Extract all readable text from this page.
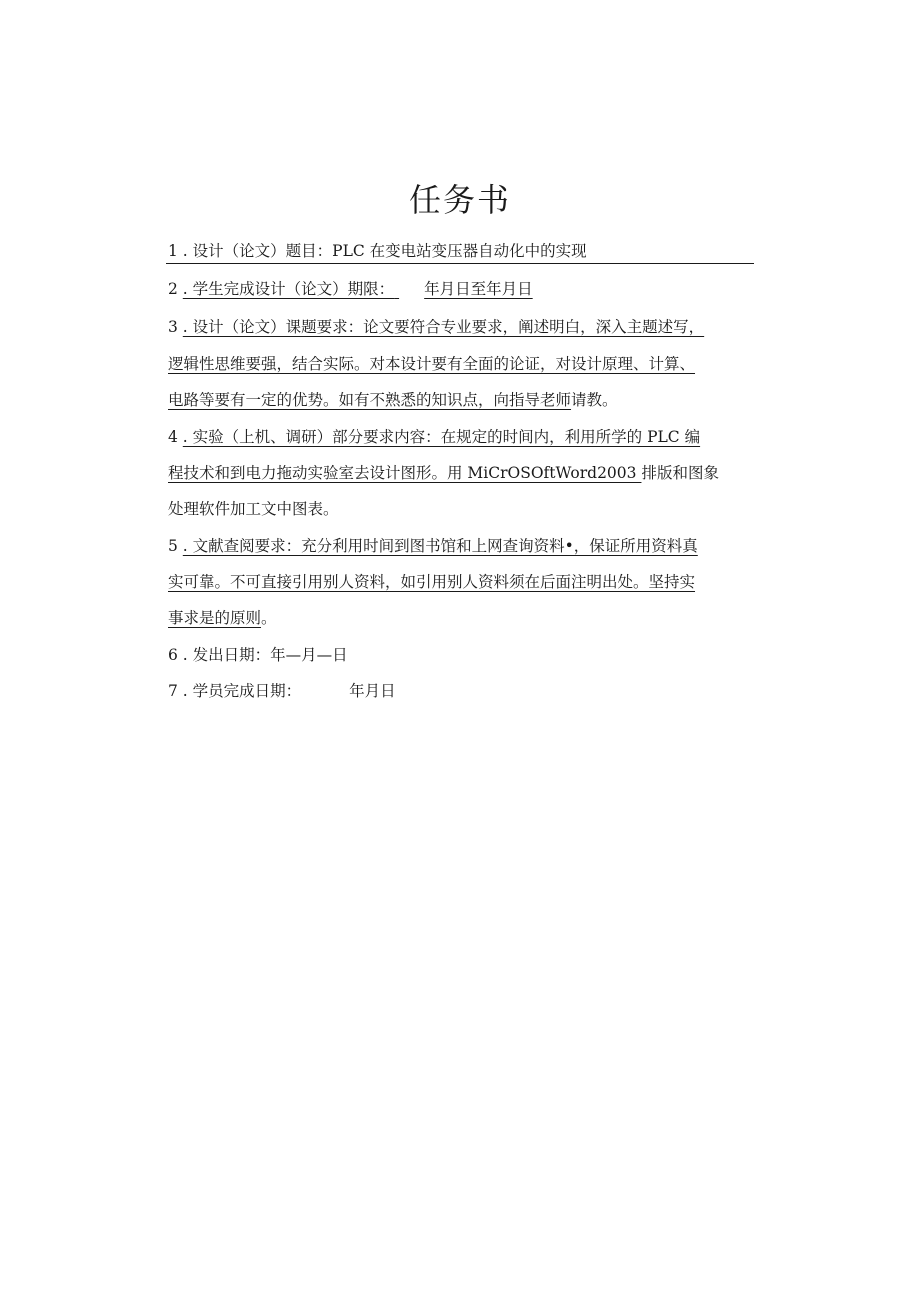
任务书
1 . 设计（论文）题目：PLC 在变电站变压器自动化中的实现
2 . 学生完成设计（论文）期限： 年月日至年月日
3 . 设计（论文）课题要求：论文要符合专业要求，阐述明白，深入主题述写，
逻辑性思维要强，结合实际。对本设计要有全面的论证，对设计原理、计算、
电路等要有一定的优势。如有不熟悉的知识点，向指导老师请教。
4 . 实验（上机、调研）部分要求内容：在规定的时间内，利用所学的 PLC 编
程技术和到电力拖动实验室去设计图形。用 MiCrOSOftWord2003 排版和图象
处理软件加工文中图表。
5 . 文献查阅要求：充分利用时间到图书馆和上网查询资料•，保证所用资料真
实可靠。不可直接引用别人资料，如引用别人资料须在后面注明出处。坚持实
事求是的原则。
6 . 发出日期：年—月—日
7 . 学员完成日期：	年月日
